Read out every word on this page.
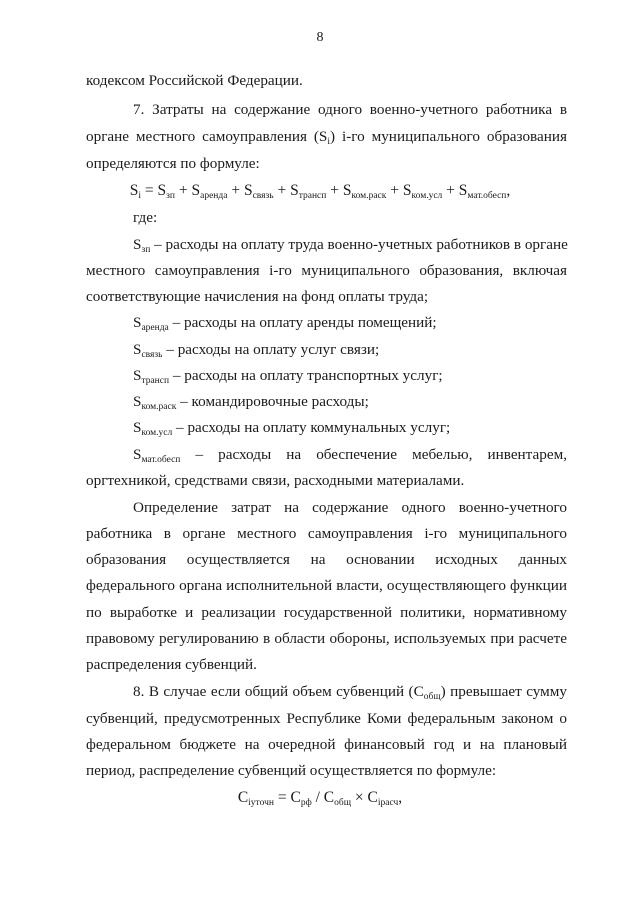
8
кодексом Российской Федерации.
7. Затраты на содержание одного военно-учетного работника в
органе местного самоуправления $(S_i)$ i-го муниципального образования
определяются по формуле:
$S_i = S_{зп} + S_{аренда} + S_{связь} + S_{трансп} + S_{ком.раск} + S_{ком.усл} + S_{мат.обесп}$,
где:
$S_{зп}$ – расходы на оплату труда военно-учетных работников в органе
местного самоуправления i-го муниципального образования, включая
соответствующие начисления на фонд оплаты труда;
$S_{аренда}$ – расходы на оплату аренды помещений;
$S_{связь}$ – расходы на оплату услуг связи;
$S_{трансп}$ – расходы на оплату транспортных услуг;
$S_{ком.раск}$ – командировочные расходы;
$S_{ком.усл}$ – расходы на оплату коммунальных услуг;
$S_{мат.обесп}$ – расходы на обеспечение мебелью, инвентарем,
оргтехникой, средствами связи, расходными материалами.
Определение затрат на содержание одного военно-учетного
работника в органе местного самоуправления i-го муниципального
образования осуществляется на основании исходных данных
федерального органа исполнительной власти, осуществляющего функции
по выработке и реализации государственной политики, нормативному
правовому регулированию в области обороны, используемых при расчете
распределения субвенций.
8. В случае если общий объем субвенций $(С_{общ})$ превышает сумму
субвенций, предусмотренных Республике Коми федеральным законом о
федеральном бюджете на очередной финансовый год и на плановый
период, распределение субвенций осуществляется по формуле:
$C_{iуточн} = C_{рф} / C_{общ} \times C_{iрасч}$,
